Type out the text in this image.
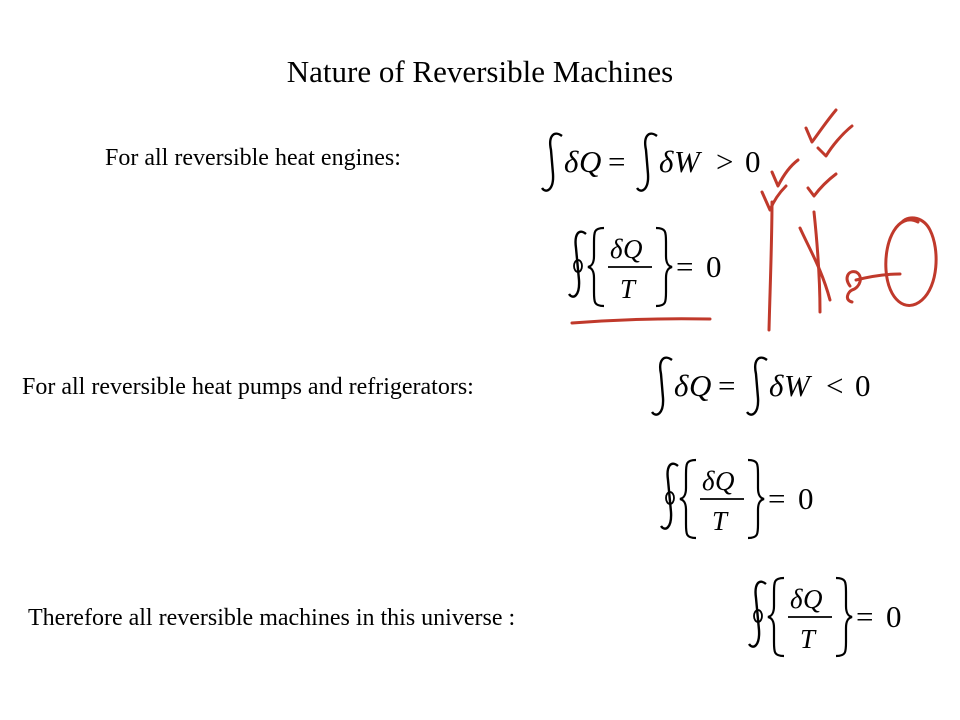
Nature of Reversible Machines
For all reversible heat engines:	δ Q = δ W > 0
δ Q
T
= 0
For all reversible heat pumps and refrigerators:	δ Q = δ W < 0
δ Q
T
= 0
Therefore all reversible machines in this universe :
δ Q
T
= 0
